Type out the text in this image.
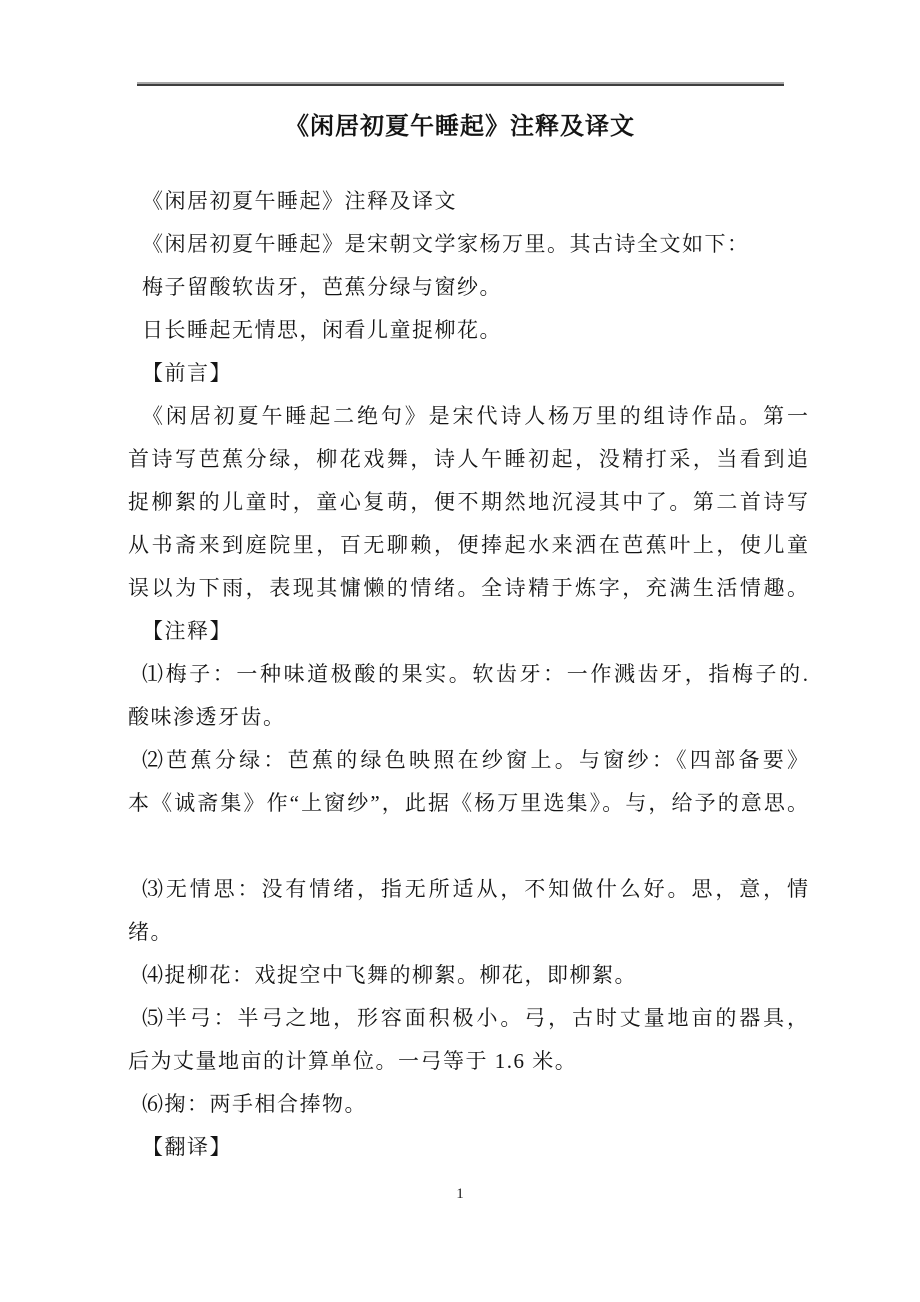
《闲居初夏午睡起》注释及译文
《闲居初夏午睡起》注释及译文
《闲居初夏午睡起》是宋朝文学家杨万里。其古诗全文如下：
梅子留酸软齿牙，芭蕉分绿与窗纱。
日长睡起无情思，闲看儿童捉柳花。
【前言】
《闲居初夏午睡起二绝句》是宋代诗人杨万里的组诗作品。第一
首诗写芭蕉分绿，柳花戏舞，诗人午睡初起，没精打采，当看到追
捉柳絮的儿童时，童心复萌，便不期然地沉浸其中了。第二首诗写
从书斋来到庭院里，百无聊赖，便捧起水来洒在芭蕉叶上，使儿童
误以为下雨，表现其慵懒的情绪。全诗精于炼字，充满生活情趣。
【注释】
⑴梅子：一种味道极酸的果实。软齿牙：一作溅齿牙，指梅子的.
酸味渗透牙齿。
⑵芭蕉分绿：芭蕉的绿色映照在纱窗上。与窗纱：《四部备要》
本《诚斋集》作“上窗纱”，此据《杨万里选集》。与，给予的意思。
⑶无情思：没有情绪，指无所适从，不知做什么好。思，意，情
绪。
⑷捉柳花：戏捉空中飞舞的柳絮。柳花，即柳絮。
⑸半弓：半弓之地，形容面积极小。弓，古时丈量地亩的器具，
后为丈量地亩的计算单位。一弓等于 1.6 米。
⑹掬：两手相合捧物。
【翻译】
1
